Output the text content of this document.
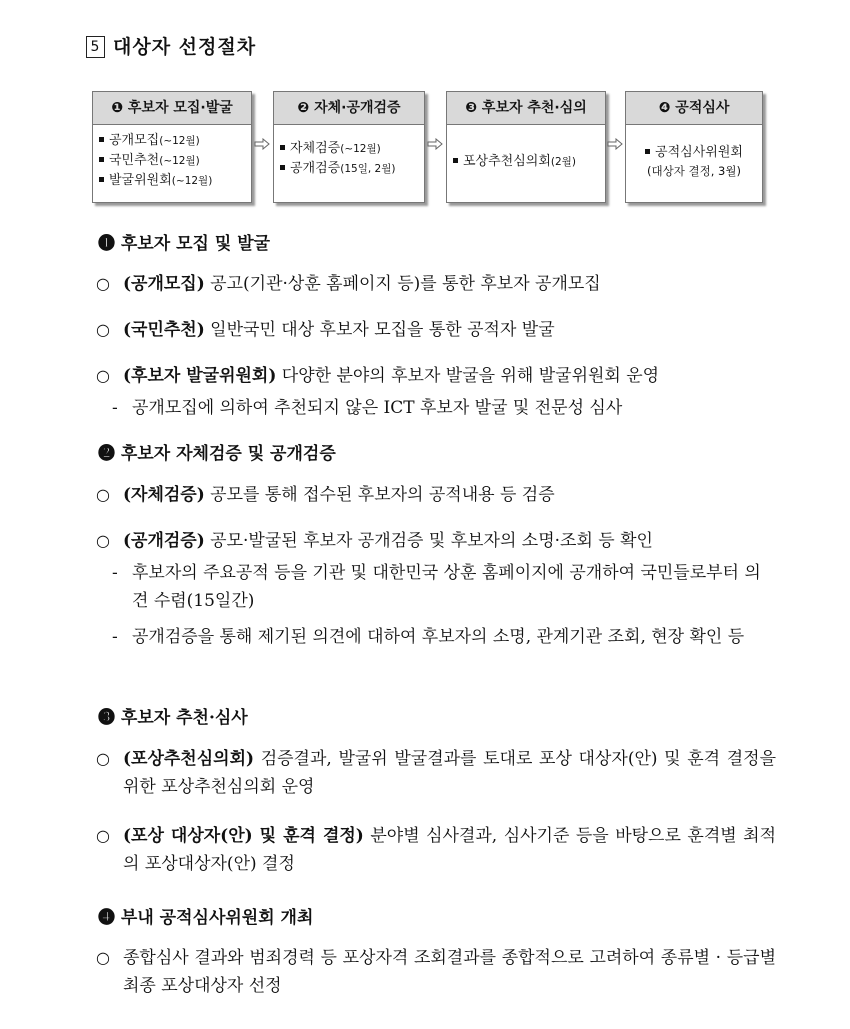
5 대상자 선정절차
❶ 후보자 모집·발굴
공개모집(~12월)
국민추천(~12월)
발굴위원회(~12월)
❷ 자체·공개검증
자체검증(~12월)
공개검증(15일, 2월)
❸ 후보자 추천·심의
포상추천심의회(2월)
❹ 공적심사
공적심사위원회
(대상자 결정, 3월)
❶ 후보자 모집 및 발굴
○ (공개모집) 공고(기관·상훈 홈페이지 등)를 통한 후보자 공개모집
○ (국민추천) 일반국민 대상 후보자 모집을 통한 공적자 발굴
○ (후보자 발굴위원회) 다양한 분야의 후보자 발굴을 위해 발굴위원회 운영
- 공개모집에 의하여 추천되지 않은 ICT 후보자 발굴 및 전문성 심사
❷ 후보자 자체검증 및 공개검증
○ (자체검증) 공모를 통해 접수된 후보자의 공적내용 등 검증
○ (공개검증) 공모·발굴된 후보자 공개검증 및 후보자의 소명·조회 등 확인
- 후보자의 주요공적 등을 기관 및 대한민국 상훈 홈페이지에 공개하여 국민들로부터 의견 수렴(15일간)
- 공개검증을 통해 제기된 의견에 대하여 후보자의 소명, 관계기관 조회, 현장 확인 등
❸ 후보자 추천·심사
○ (포상추천심의회) 검증결과, 발굴위 발굴결과를 토대로 포상 대상자(안) 및 훈격 결정을 위한 포상추천심의회 운영
○ (포상 대상자(안) 및 훈격 결정) 분야별 심사결과, 심사기준 등을 바탕으로 훈격별 최적의 포상대상자(안) 결정
❹ 부내 공적심사위원회 개최
○ 종합심사 결과와 범죄경력 등 포상자격 조회결과를 종합적으로 고려하여 종류별 · 등급별 최종 포상대상자 선정
